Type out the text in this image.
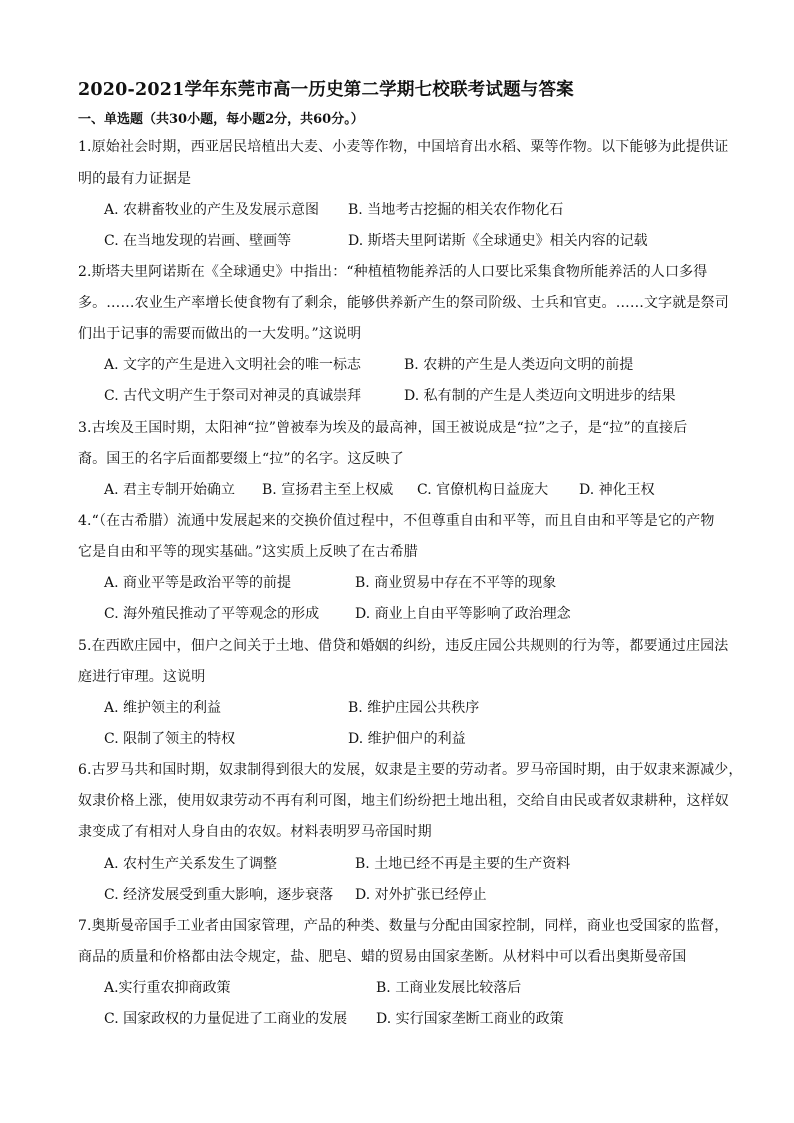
2020-2021学年东莞市高一历史第二学期七校联考试题与答案
一、单选题（共30小题，每小题2分，共60分。）
1.原始社会时期，西亚居民培植出大麦、小麦等作物，中国培育出水稻、粟等作物。以下能够为此提供证
明的最有力证据是
A. 农耕畜牧业的产生及发展示意图 B. 当地考古挖掘的相关农作物化石
C. 在当地发现的岩画、壁画等	D. 斯塔夫里阿诺斯《全球通史》相关内容的记载
2.斯塔夫里阿诺斯在《全球通史》中指出：“种植植物能养活的人口要比采集食物所能养活的人口多得
多。……农业生产率增长使食物有了剩余，能够供养新产生的祭司阶级、士兵和官吏。……文字就是祭司
们出于记事的需要而做出的一大发明。”这说明
A. 文字的产生是进入文明社会的唯一标志	B. 农耕的产生是人类迈向文明的前提
C. 古代文明产生于祭司对神灵的真诚崇拜	D. 私有制的产生是人类迈向文明进步的结果
3.古埃及王国时期，太阳神“拉”曾被奉为埃及的最高神，国王被说成是“拉”之子，是“拉”的直接后
裔。国王的名字后面都要缀上“拉”的名字。这反映了
A. 君主专制开始确立 B. 宣扬君主至上权威 C. 官僚机构日益庞大 D. 神化王权
4.“（在古希腊）流通中发展起来的交换价值过程中，不但尊重自由和平等，而且自由和平等是它的产物
它是自由和平等的现实基础。”这实质上反映了在古希腊
A. 商业平等是政治平等的前提	B. 商业贸易中存在不平等的现象
C. 海外殖民推动了平等观念的形成	D. 商业上自由平等影响了政治理念
5.在西欧庄园中，佃户之间关于土地、借贷和婚姻的纠纷，违反庄园公共规则的行为等，都要通过庄园法
庭进行审理。这说明
A. 维护领主的利益	B. 维护庄园公共秩序
C. 限制了领主的特权	D. 维护佃户的利益
6.古罗马共和国时期，奴隶制得到很大的发展，奴隶是主要的劳动者。罗马帝国时期，由于奴隶来源减少，
奴隶价格上涨，使用奴隶劳动不再有利可图，地主们纷纷把土地出租，交给自由民或者奴隶耕种，这样奴
隶变成了有相对人身自由的农奴。材料表明罗马帝国时期
A. 农村生产关系发生了调整	B. 土地已经不再是主要的生产资料
C. 经济发展受到重大影响，逐步衰落 D. 对外扩张已经停止
7.奥斯曼帝国手工业者由国家管理，产品的种类、数量与分配由国家控制，同样，商业也受国家的监督，
商品的质量和价格都由法令规定，盐、肥皂、蜡的贸易由国家垄断。从材料中可以看出奥斯曼帝国
A.实行重农抑商政策	B. 工商业发展比较落后
C. 国家政权的力量促进了工商业的发展 D. 实行国家垄断工商业的政策
